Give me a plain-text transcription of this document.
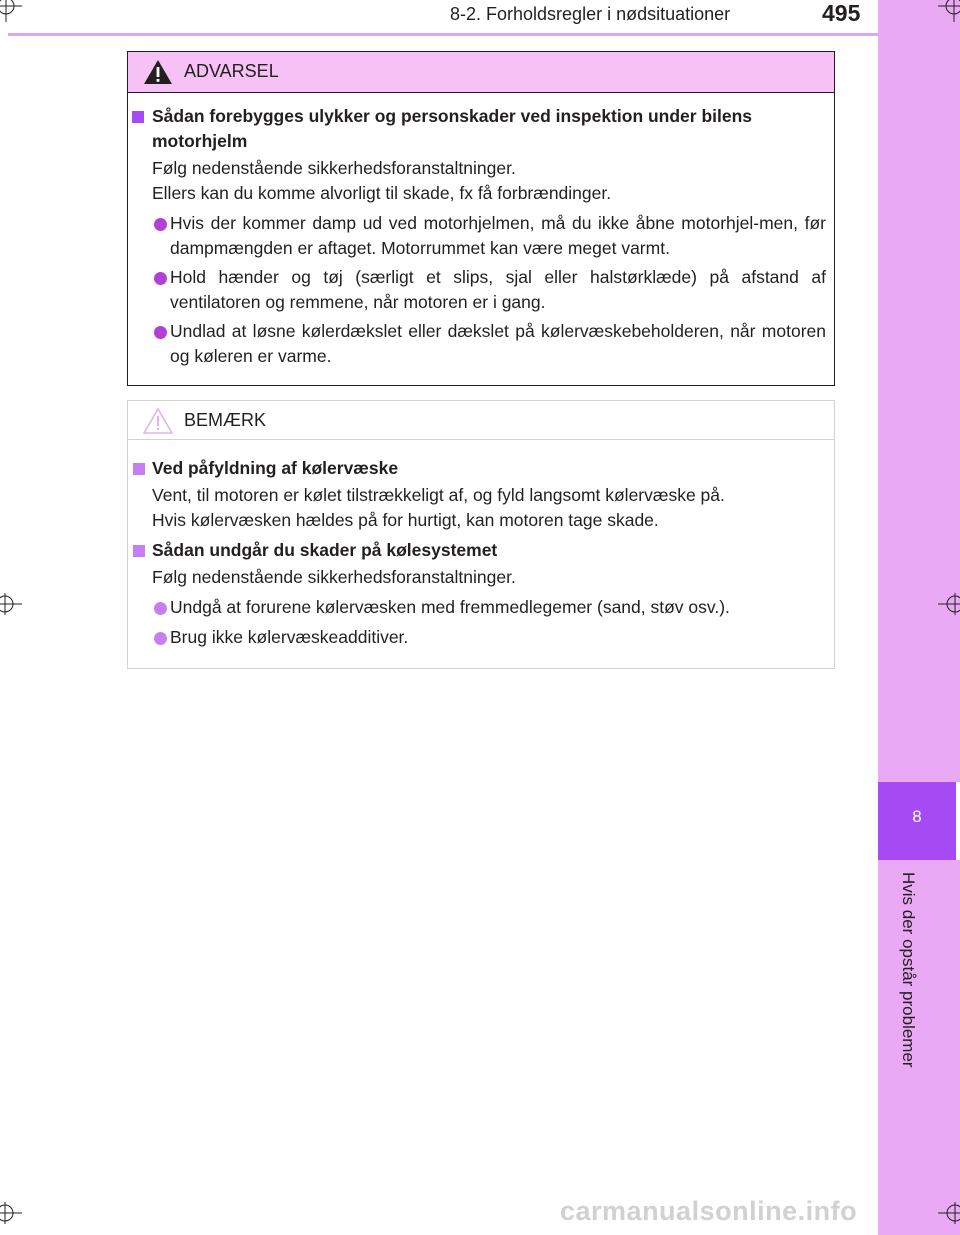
8-2. Forholdsregler i nødsituationer	495
8
Hvis der opstår problemer
ADVARSEL
Sådan forebygges ulykker og personskader ved inspektion under bilens motorhjelm
Følg nedenstående sikkerhedsforanstaltninger.
Ellers kan du komme alvorligt til skade, fx få forbrændinger.
Hvis der kommer damp ud ved motorhjelmen, må du ikke åbne motorhjel-men, før dampmængden er aftaget. Motorrummet kan være meget varmt.
Hold hænder og tøj (særligt et slips, sjal eller halstørklæde) på afstand af ventilatoren og remmene, når motoren er i gang.
Undlad at løsne kølerdækslet eller dækslet på kølervæskebeholderen, når motoren og køleren er varme.
BEMÆRK
Ved påfyldning af kølervæske
Vent, til motoren er kølet tilstrækkeligt af, og fyld langsomt kølervæske på.
Hvis kølervæsken hældes på for hurtigt, kan motoren tage skade.
Sådan undgår du skader på kølesystemet
Følg nedenstående sikkerhedsforanstaltninger.
Undgå at forurene kølervæsken med fremmedlegemer (sand, støv osv.).
Brug ikke kølervæskeadditiver.
carmanualsonline.info
